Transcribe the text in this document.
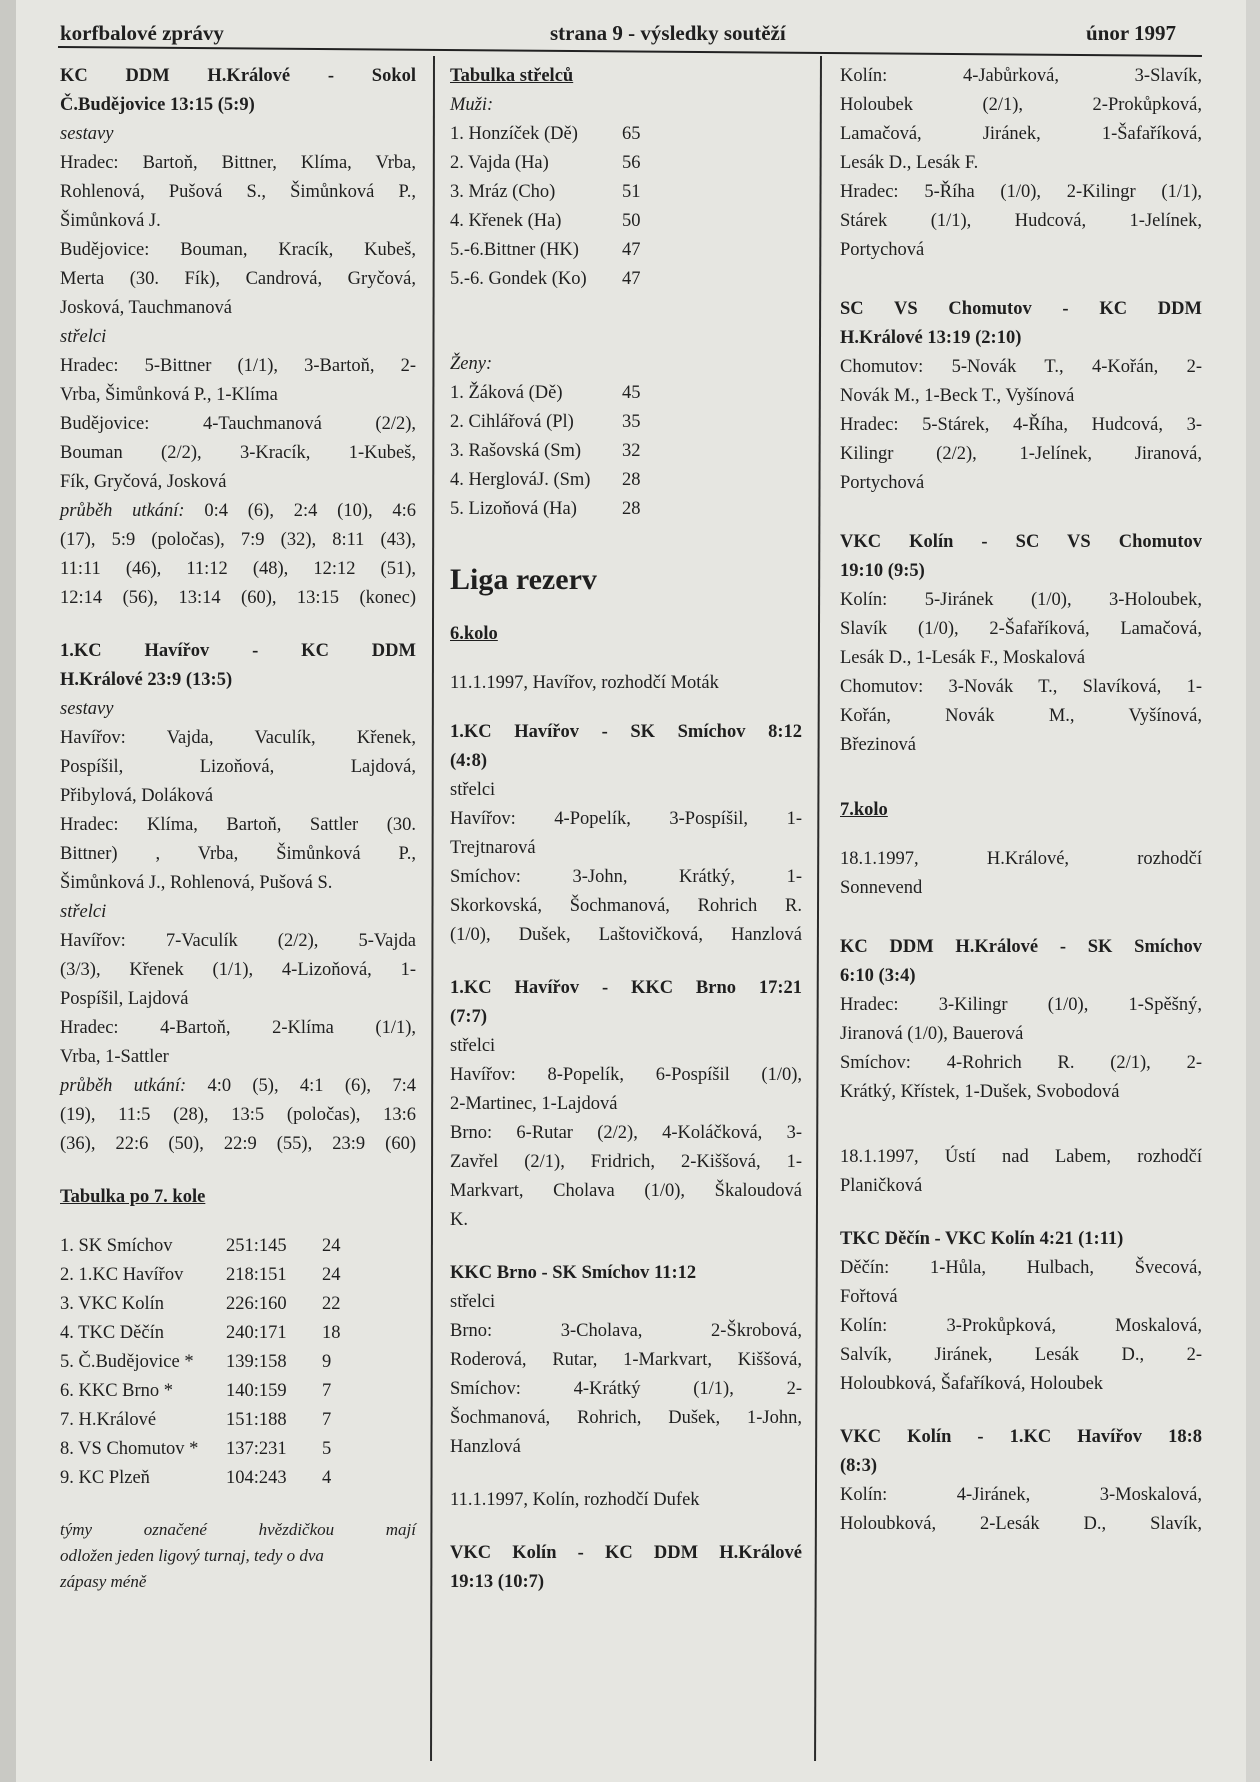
korfbalové zprávy	strana 9 - výsledky soutěží	únor 1997

KC DDM H.Králové - Sokol

Č.Budějovice 13:15 (5:9)

sestavy

Hradec: Bartoň, Bittner, Klíma, Vrba,

Rohlenová, Pušová S., Šimůnková P.,

Šimůnková J.

Budějovice: Bouman, Kracík, Kubeš,

Merta (30. Fík), Candrová, Gryčová,

Josková, Tauchmanová

střelci

Hradec: 5-Bittner (1/1), 3-Bartoň, 2-

Vrba, Šimůnková P., 1-Klíma

Budějovice: 4-Tauchmanová (2/2),

Bouman (2/2), 3-Kracík, 1-Kubeš,

Fík, Gryčová, Josková

průběh utkání: 0:4 (6), 2:4 (10), 4:6

(17), 5:9 (poločas), 7:9 (32), 8:11 (43),

11:11 (46), 11:12 (48), 12:12 (51),

12:14 (56), 13:14 (60), 13:15 (konec)

1.KC Havířov - KC DDM

H.Králové 23:9 (13:5)

sestavy

Havířov: Vajda, Vaculík, Křenek,

Pospíšil, Lizoňová, Lajdová,

Přibylová, Doláková

Hradec: Klíma, Bartoň, Sattler (30.

Bittner) , Vrba, Šimůnková P.,

Šimůnková J., Rohlenová, Pušová S.

střelci

Havířov: 7-Vaculík (2/2), 5-Vajda

(3/3), Křenek (1/1), 4-Lizoňová, 1-

Pospíšil, Lajdová

Hradec: 4-Bartoň, 2-Klíma (1/1),

Vrba, 1-Sattler

průběh utkání: 4:0 (5), 4:1 (6), 7:4

(19), 11:5 (28), 13:5 (poločas), 13:6

(36), 22:6 (50), 22:9 (55), 23:9 (60)

Tabulka po 7. kole

1. SK Smíchov	251:145	24
2. 1.KC Havířov	218:151	24
3. VKC Kolín	226:160	22
4. TKC Děčín	240:171	18
5. Č.Budějovice *	139:158	9
6. KKC Brno *	140:159	7
7. H.Králové	151:188	7
8. VS Chomutov *	137:231	5
9. KC Plzeň	104:243	4

týmy označené hvězdičkou mají

odložen jeden ligový turnaj, tedy o dva

zápasy méně

Tabulka střelců

Muži:

1. Honzíček (Dě)	65
2. Vajda (Ha)	56
3. Mráz (Cho)	51
4. Křenek (Ha)	50
5.-6.Bittner (HK)	47
5.-6. Gondek (Ko)	47

Ženy:

1. Žáková (Dě)	45
2. Cihlářová (Pl)	35
3. Rašovská (Sm)	32
4. HerglováJ. (Sm)	28
5. Lizoňová (Ha)	28

Liga rezerv

6.kolo

11.1.1997, Havířov, rozhodčí Moták

1.KC Havířov - SK Smíchov 8:12

(4:8)

střelci

Havířov: 4-Popelík, 3-Pospíšil, 1-

Trejtnarová

Smíchov: 3-John, Krátký, 1-

Skorkovská, Šochmanová, Rohrich R.

(1/0), Dušek, Laštovičková, Hanzlová

1.KC Havířov - KKC Brno 17:21

(7:7)

střelci

Havířov: 8-Popelík, 6-Pospíšil (1/0),

2-Martinec, 1-Lajdová

Brno: 6-Rutar (2/2), 4-Koláčková, 3-

Zavřel (2/1), Fridrich, 2-Kiššová, 1-

Markvart, Cholava (1/0), Škaloudová

K.

KKC Brno - SK Smíchov 11:12

střelci

Brno: 3-Cholava, 2-Škrobová,

Roderová, Rutar, 1-Markvart, Kiššová,

Smíchov: 4-Krátký (1/1), 2-

Šochmanová, Rohrich, Dušek, 1-John,

Hanzlová

11.1.1997, Kolín, rozhodčí Dufek

VKC Kolín - KC DDM H.Králové

19:13 (10:7)

Kolín: 4-Jabůrková, 3-Slavík,

Holoubek (2/1), 2-Prokůpková,

Lamačová, Jiránek, 1-Šafaříková,

Lesák D., Lesák F.

Hradec: 5-Říha (1/0), 2-Kilingr (1/1),

Stárek (1/1), Hudcová, 1-Jelínek,

Portychová

SC VS Chomutov - KC DDM

H.Králové 13:19 (2:10)

Chomutov: 5-Novák T., 4-Kořán, 2-

Novák M., 1-Beck T., Vyšínová

Hradec: 5-Stárek, 4-Říha, Hudcová, 3-

Kilingr (2/2), 1-Jelínek, Jiranová,

Portychová

VKC Kolín - SC VS Chomutov

19:10 (9:5)

Kolín: 5-Jiránek (1/0), 3-Holoubek,

Slavík (1/0), 2-Šafaříková, Lamačová,

Lesák D., 1-Lesák F., Moskalová

Chomutov: 3-Novák T., Slavíková, 1-

Kořán, Novák M., Vyšínová,

Březinová

7.kolo

18.1.1997, H.Králové, rozhodčí

Sonnevend

KC DDM H.Králové - SK Smíchov

6:10 (3:4)

Hradec: 3-Kilingr (1/0), 1-Spěšný,

Jiranová (1/0), Bauerová

Smíchov: 4-Rohrich R. (2/1), 2-

Krátký, Křístek, 1-Dušek, Svobodová

18.1.1997, Ústí nad Labem, rozhodčí

Planičková

TKC Děčín - VKC Kolín 4:21 (1:11)

Děčín: 1-Hůla, Hulbach, Švecová,

Fořtová

Kolín: 3-Prokůpková, Moskalová,

Salvík, Jiránek, Lesák D., 2-

Holoubková, Šafaříková, Holoubek

VKC Kolín - 1.KC Havířov 18:8

(8:3)

Kolín: 4-Jiránek, 3-Moskalová,

Holoubková, 2-Lesák D., Slavík,
